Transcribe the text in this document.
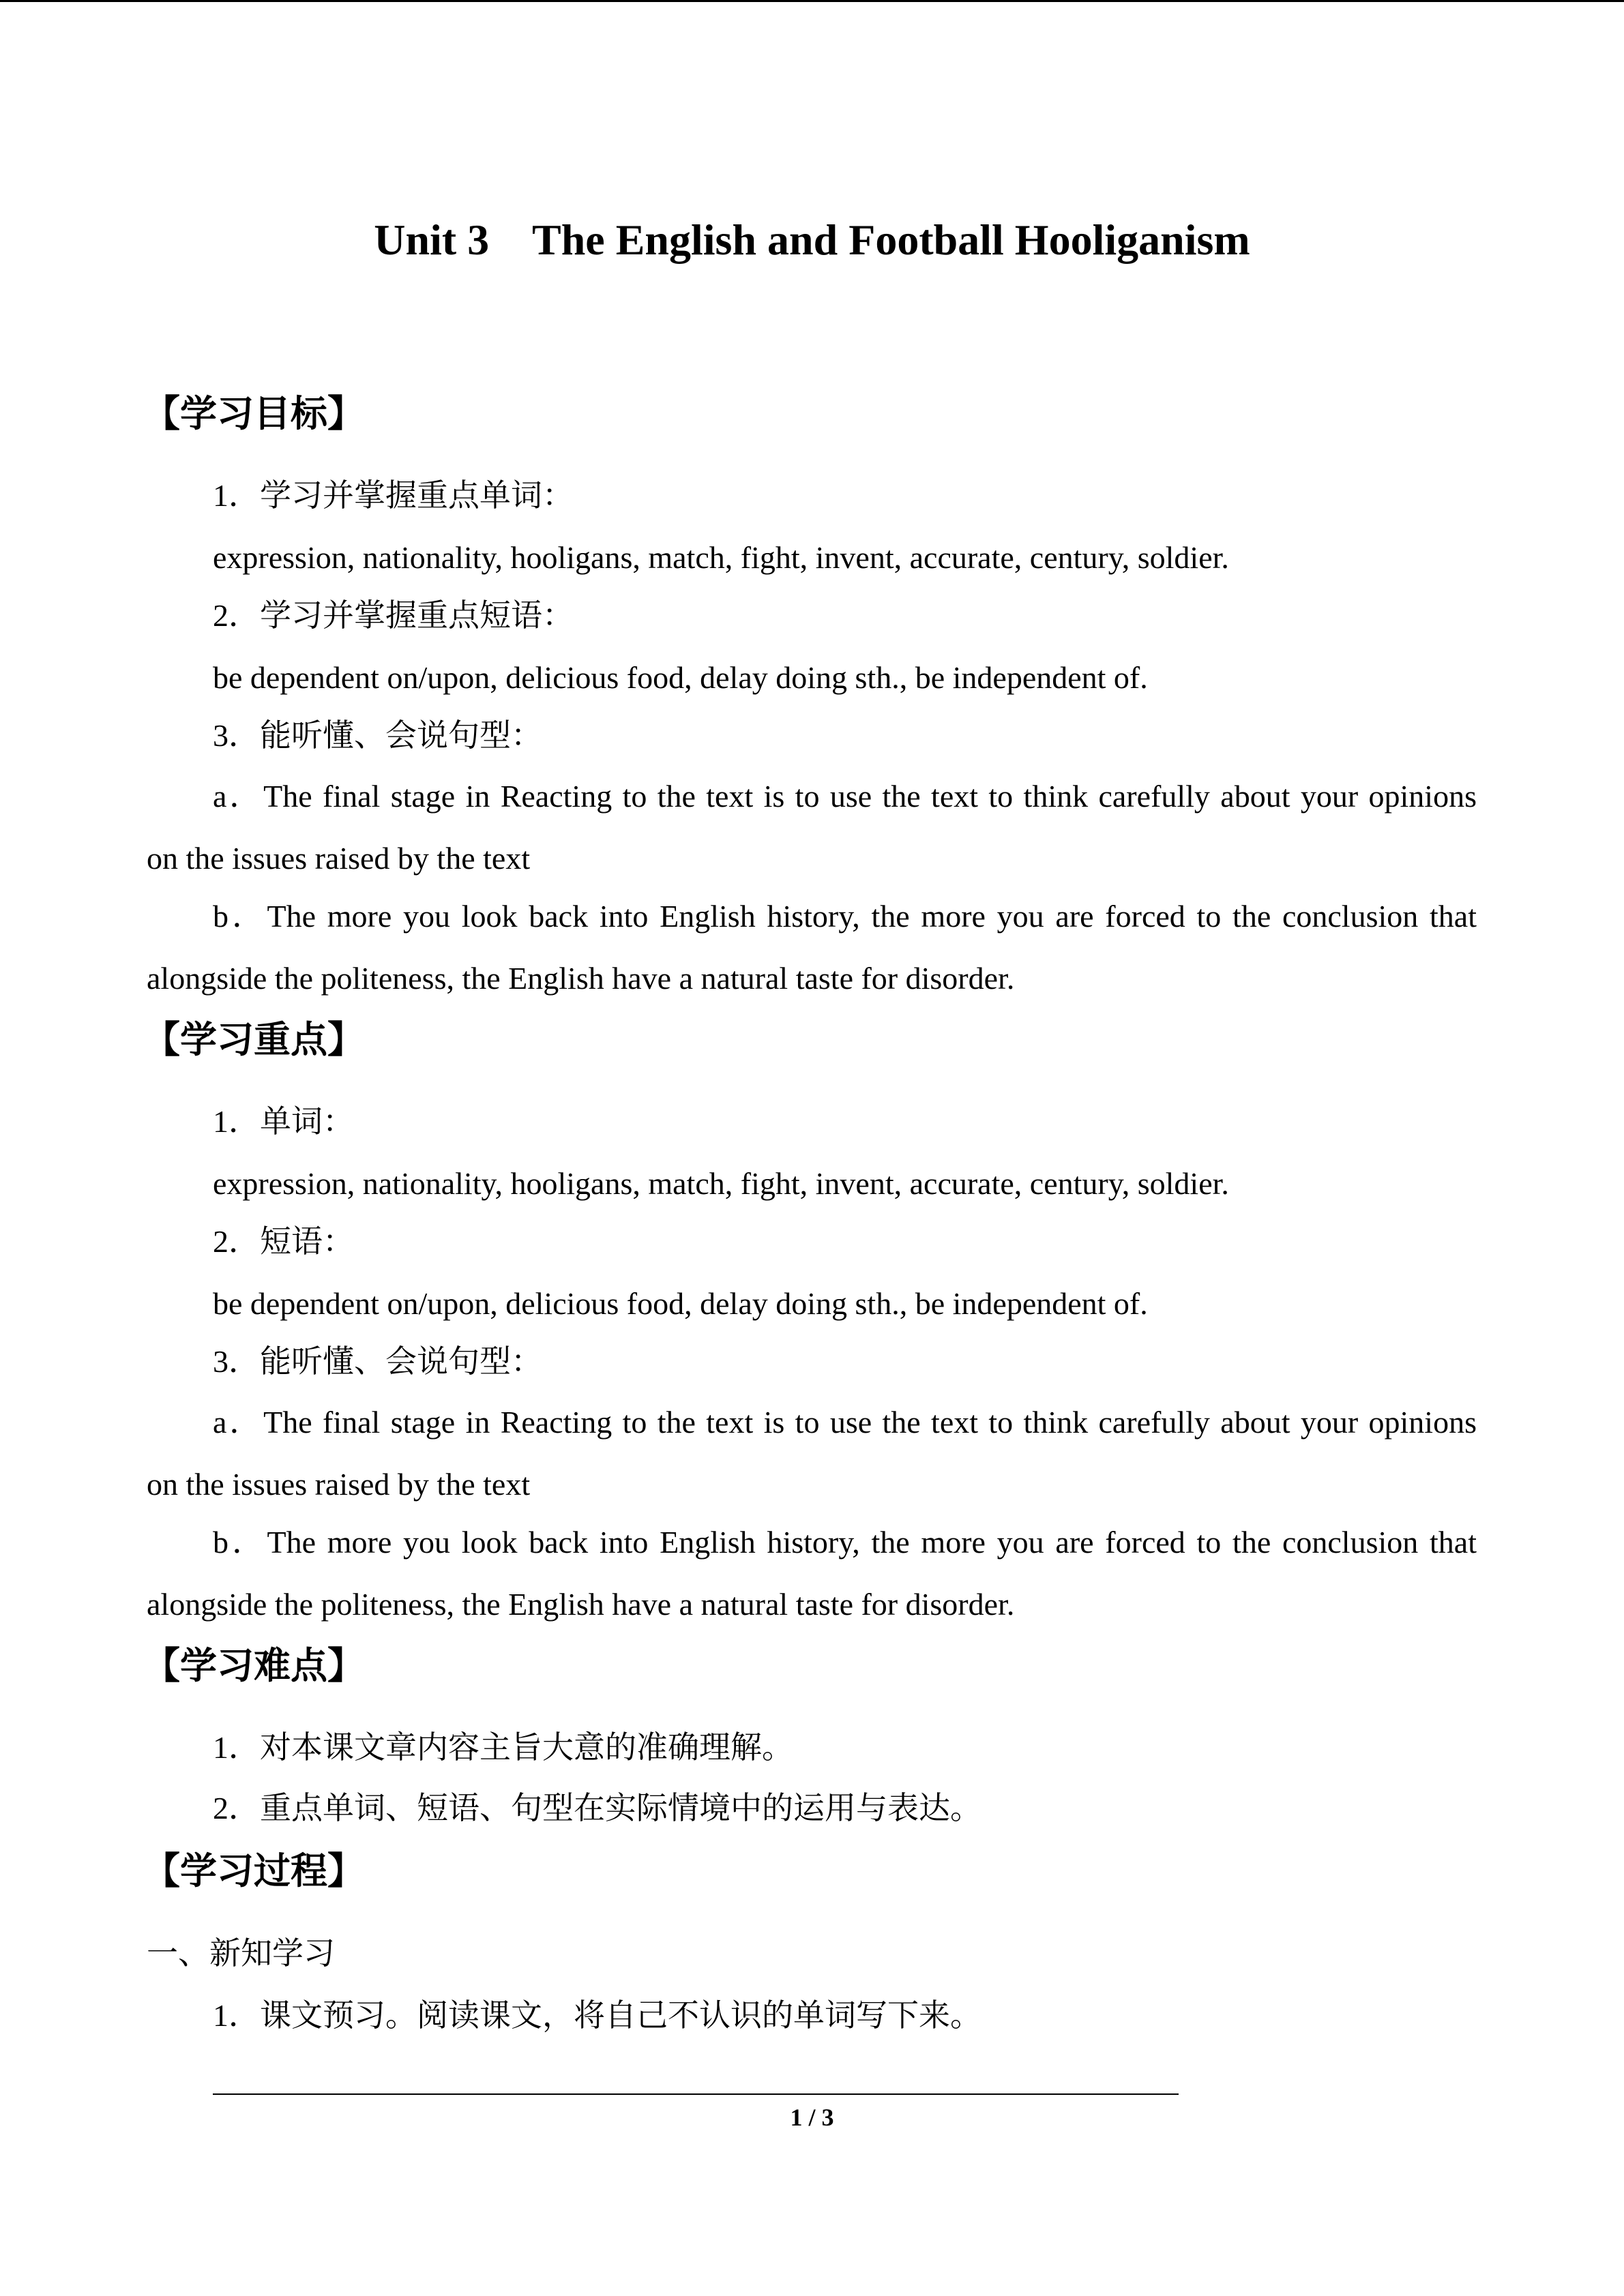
Unit 3    The English and Football Hooliganism
【学习目标】
1．学习并掌握重点单词：
expression, nationality, hooligans, match, fight, invent, accurate, century, soldier.
2．学习并掌握重点短语：
be dependent on/upon, delicious food, delay doing sth., be independent of.
3．能听懂、会说句型：
a．The final stage in Reacting to the text is to use the text to think carefully about your opinions
on the issues raised by the text
b．The more you look back into English history, the more you are forced to the conclusion that
alongside the politeness, the English have a natural taste for disorder.
【学习重点】
1．单词：
expression, nationality, hooligans, match, fight, invent, accurate, century, soldier.
2．短语：
be dependent on/upon, delicious food, delay doing sth., be independent of.
3．能听懂、会说句型：
a．The final stage in Reacting to the text is to use the text to think carefully about your opinions
on the issues raised by the text
b．The more you look back into English history, the more you are forced to the conclusion that
alongside the politeness, the English have a natural taste for disorder.
【学习难点】
1．对本课文章内容主旨大意的准确理解。
2．重点单词、短语、句型在实际情境中的运用与表达。
【学习过程】
一、新知学习
1．课文预习。阅读课文，将自己不认识的单词写下来。
1 / 3
